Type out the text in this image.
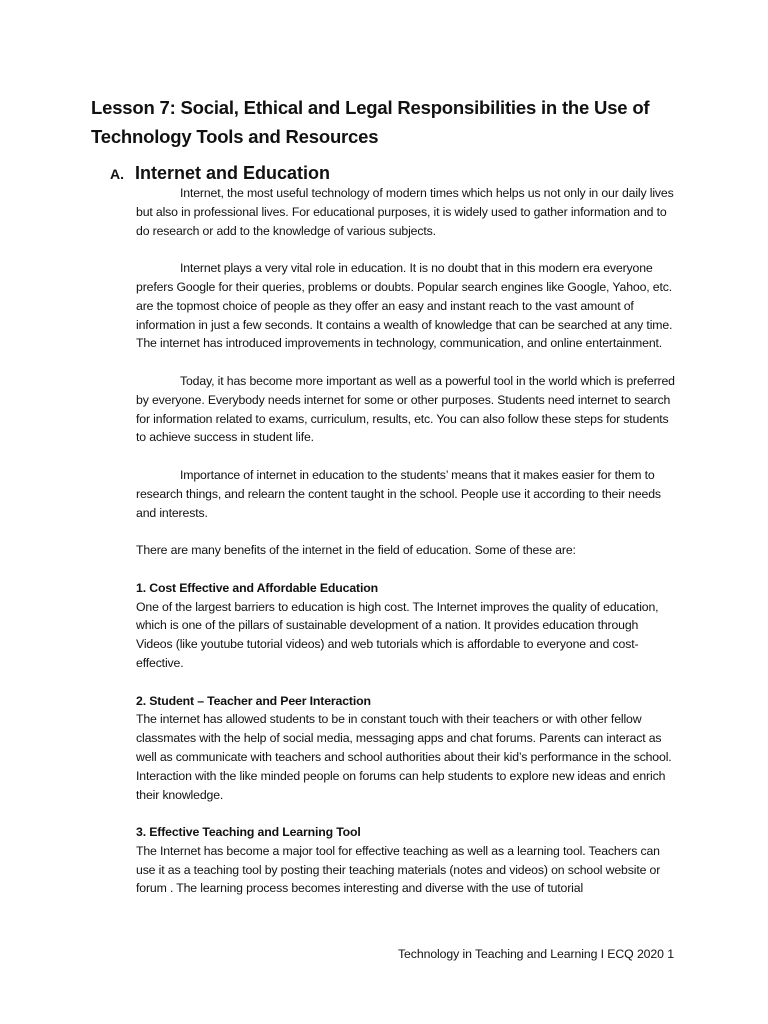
Lesson 7: Social, Ethical and Legal Responsibilities in the Use of Technology Tools and Resources
A. Internet and Education

Internet, the most useful technology of modern times which helps us not only in our daily lives but also in professional lives. For educational purposes, it is widely used to gather information and to do research or add to the knowledge of various subjects.

Internet plays a very vital role in education. It is no doubt that in this modern era everyone prefers Google for their queries, problems or doubts. Popular search engines like Google, Yahoo, etc. are the topmost choice of people as they offer an easy and instant reach to the vast amount of information in just a few seconds. It contains a wealth of knowledge that can be searched at any time. The internet has introduced improvements in technology, communication, and online entertainment.

Today, it has become more important as well as a powerful tool in the world which is preferred by everyone. Everybody needs internet for some or other purposes. Students need internet to search for information related to exams, curriculum, results, etc. You can also follow these steps for students to achieve success in student life.

Importance of internet in education to the students’ means that it makes easier for them to research things, and relearn the content taught in the school. People use it according to their needs and interests.

There are many benefits of the internet in the field of education. Some of these are:

1. Cost Effective and Affordable Education

One of the largest barriers to education is high cost. The Internet improves the quality of education, which is one of the pillars of sustainable development of a nation. It provides education through Videos (like youtube tutorial videos) and web tutorials which is affordable to everyone and cost-effective.

2. Student – Teacher and Peer Interaction

The internet has allowed students to be in constant touch with their teachers or with other fellow classmates with the help of social media, messaging apps and chat forums. Parents can interact as well as communicate with teachers and school authorities about their kid’s performance in the school. Interaction with the like minded people on forums can help students to explore new ideas and enrich their knowledge.

3. Effective Teaching and Learning Tool

The Internet has become a major tool for effective teaching as well as a learning tool. Teachers can use it as a teaching tool by posting their teaching materials (notes and videos) on school website or forum . The learning process becomes interesting and diverse with the use of tutorial

Technology in Teaching and Learning I ECQ 2020 1
